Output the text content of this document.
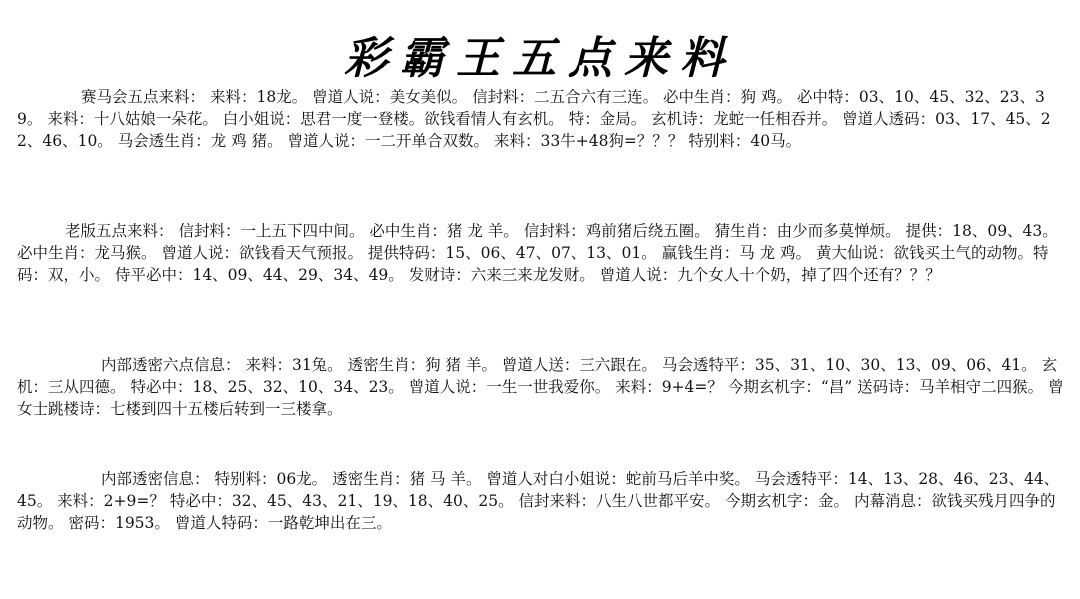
彩霸王五点来料

赛马会五点来料： 来料：18龙。 曾道人说：美女美似。 信封料：二五合六有三连。 必中生肖：狗 鸡。 必中特：03、10、45、32、23、39。 来料：十八姑娘一朵花。 白小姐说：思君一度一登楼。欲钱看情人有玄机。 特：金局。 玄机诗：龙蛇一任相吞并。 曾道人透码：03、17、45、22、46、10。 马会透生肖：龙 鸡 猪。 曾道人说：一二开单合双数。 来料：33牛+48狗=？？？ 特别料：40马。

老版五点来料： 信封料：一上五下四中间。 必中生肖：猪 龙 羊。 信封料：鸡前猪后绕五圈。 猜生肖：由少而多莫惮烦。 提供：18、09、43。 必中生肖：龙马猴。 曾道人说：欲钱看天气预报。 提供特码：15、06、47、07、13、01。 赢钱生肖：马 龙 鸡。 黄大仙说：欲钱买土气的动物。特码：双，小。 侍平必中：14、09、44、29、34、49。 发财诗：六来三来龙发财。 曾道人说：九个女人十个奶，掉了四个还有？？？

内部透密六点信息： 来料：31兔。 透密生肖：狗 猪 羊。 曾道人送：三六跟在。 马会透特平：35、31、10、30、13、09、06、41。 玄机：三从四德。 特必中：18、25、32、10、34、23。 曾道人说：一生一世我爱你。 来料：9+4=？ 今期玄机字：“昌” 送码诗：马羊相守二四猴。 曾女士跳楼诗：七楼到四十五楼后转到一三楼拿。

内部透密信息： 特别料：06龙。 透密生肖：猪 马 羊。 曾道人对白小姐说：蛇前马后羊中奖。 马会透特平：14、13、28、46、23、44、45。 来料：2+9=？ 特必中：32、45、43、21、19、18、40、25。 信封来料：八生八世都平安。 今期玄机字：金。 内幕消息：欲钱买残月四争的动物。 密码：1953。 曾道人特码：一路乾坤出在三。
